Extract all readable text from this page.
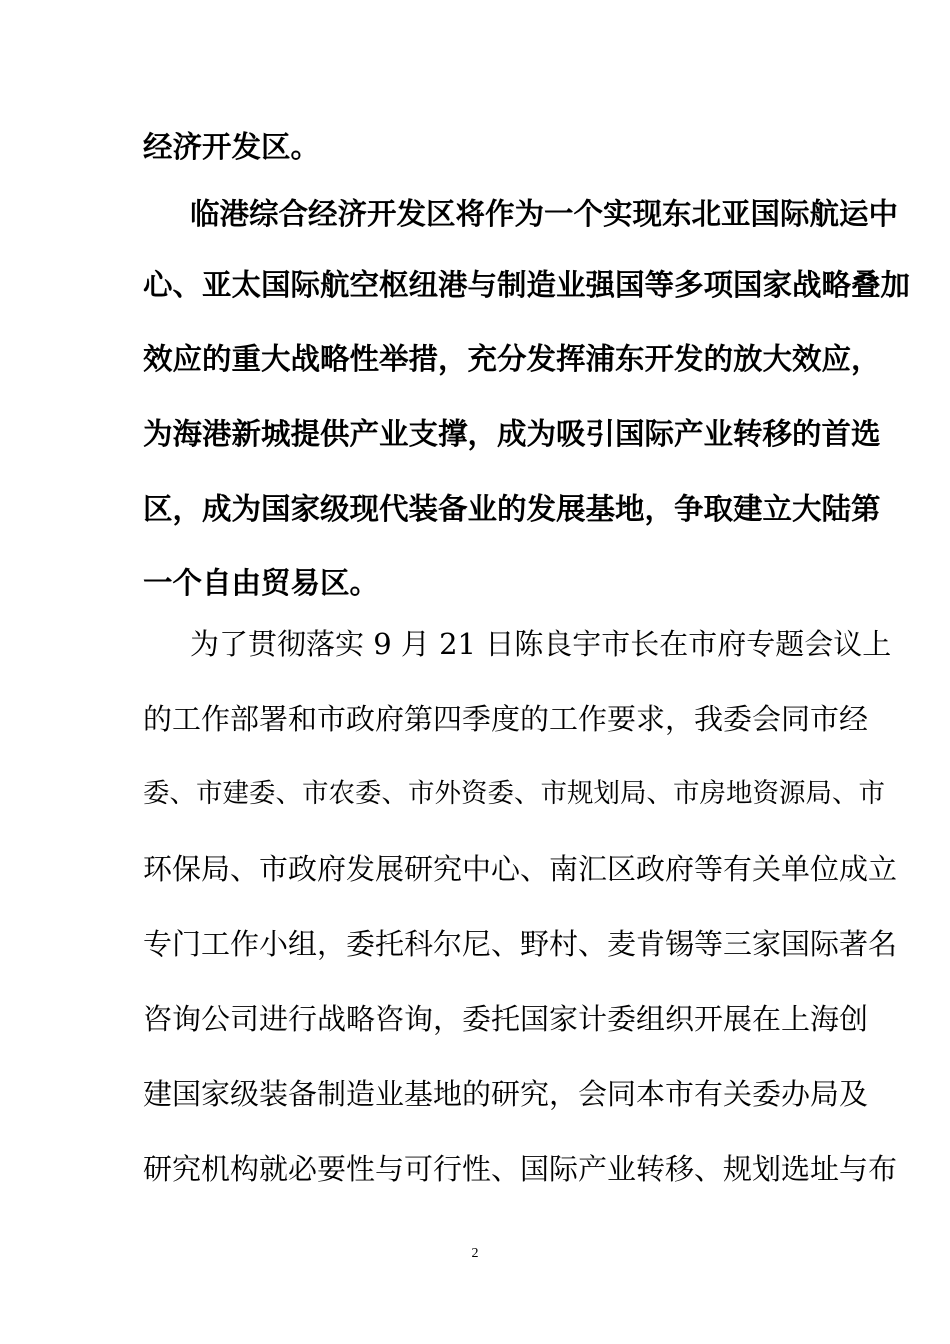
经济开发区。
临港综合经济开发区将作为一个实现东北亚国际航运中
心、亚太国际航空枢纽港与制造业强国等多项国家战略叠加
效应的重大战略性举措，充分发挥浦东开发的放大效应，
为海港新城提供产业支撑，成为吸引国际产业转移的首选
区，成为国家级现代装备业的发展基地，争取建立大陆第
一个自由贸易区。
为了贯彻落实 9 月 21 日陈良宇市长在市府专题会议上
的工作部署和市政府第四季度的工作要求，我委会同市经
委、市建委、市农委、市外资委、市规划局、市房地资源局、市
环保局、市政府发展研究中心、南汇区政府等有关单位成立
专门工作小组，委托科尔尼、野村、麦肯锡等三家国际著名
咨询公司进行战略咨询，委托国家计委组织开展在上海创
建国家级装备制造业基地的研究，会同本市有关委办局及
研究机构就必要性与可行性、国际产业转移、规划选址与布
2
